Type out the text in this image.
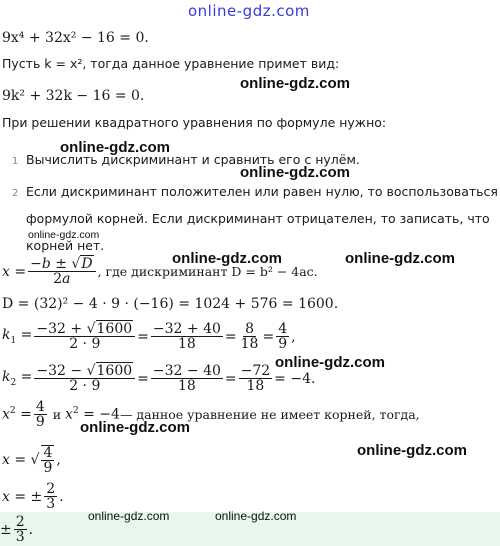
online-gdz.com
9x⁴ + 32x² − 16 = 0.
Пусть k = x², тогда данное уравнение примет вид:
online-gdz.com
9k² + 32k − 16 = 0.
При решении квадратного уравнения по формуле нужно:
online-gdz.com
1 Вычислить дискриминант и сравнить его с нулём.
online-gdz.com
2 Если дискриминант положителен или равен нулю, то воспользоваться
формулой корней. Если дискриминант отрицателен, то записать, что
online-gdz.com
корней нет.
online-gdz.com	online-gdz.com
$x = \frac{-b \pm √D}{2a}$ , где дискриминант D = b² − 4ac.
D = (32)² − 4 · 9 · (−16) = 1024 + 576 = 1600.
$k_1 = \frac{-32 + √1600}{2 \cdot 9} = \frac{-32 + 40}{18} = \frac{8}{18} = \frac{4}{9}$ ,
online-gdz.com
$k_2 = \frac{-32 - √1600}{2 \cdot 9} = \frac{-32 - 40}{18} = \frac{-72}{18} = -4$.
$x^2 = \frac{4}{9}$ и $x^2 = -4$ — данное уравнение не имеет корней, тогда,
online-gdz.com
x = √ $\frac{4}{9}$ ,
online-gdz.com
x = ± $\frac{2}{3}$ .
online-gdz.com	online-gdz.com
± $\frac{2}{3}$ .
